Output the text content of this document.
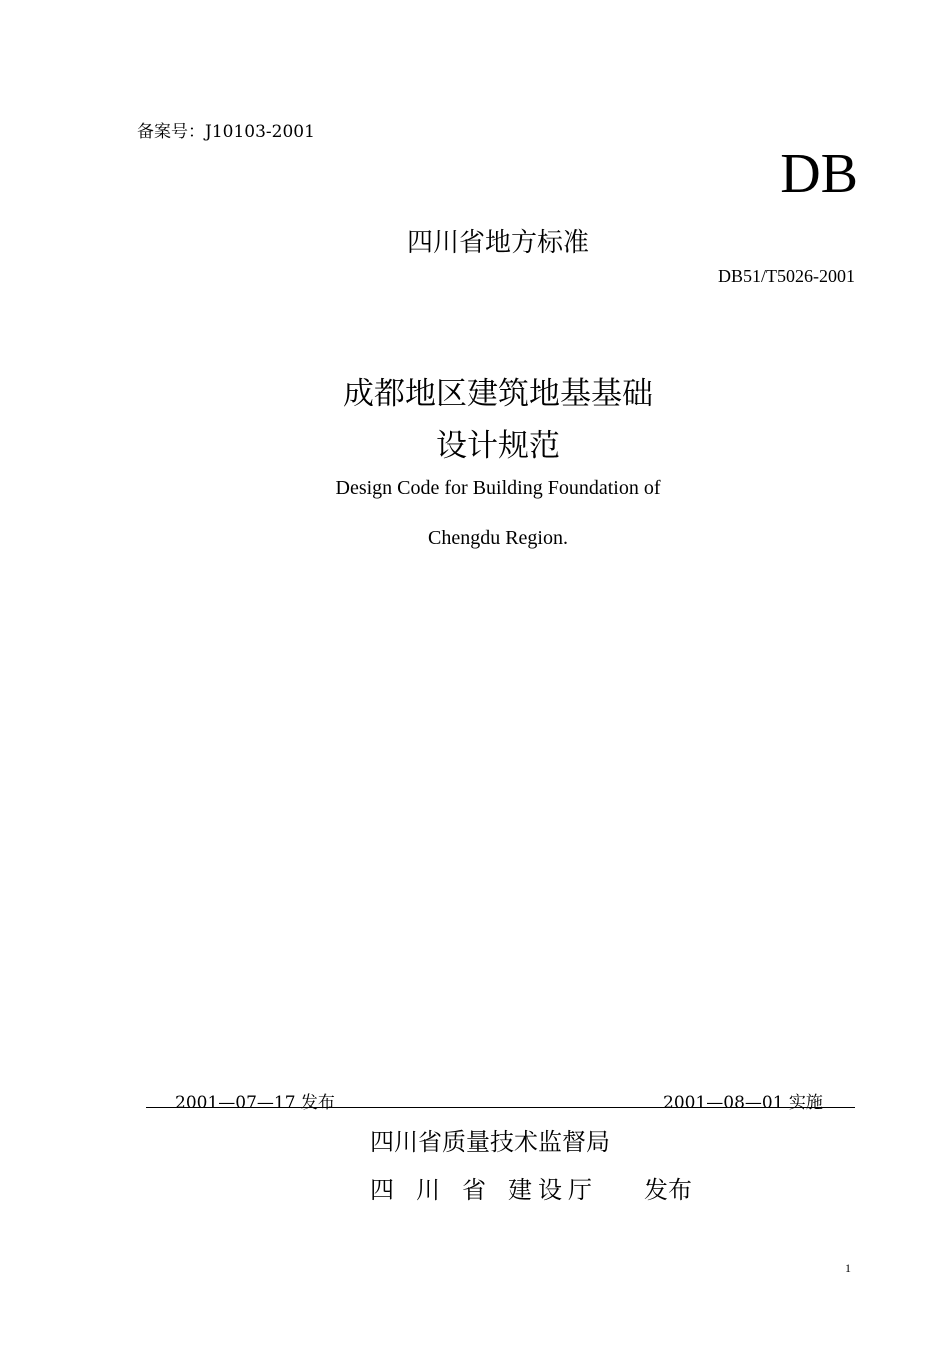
备案号：J10103-2001
DB
四川省地方标准
DB51/T5026-2001
成都地区建筑地基基础
设计规范
Design Code for Building Foundation of
Chengdu Region.
2001—07—17 发布	2001—08—01 实施
四川省质量技术监督局
四 川 省 建 设 厅 发布
1
